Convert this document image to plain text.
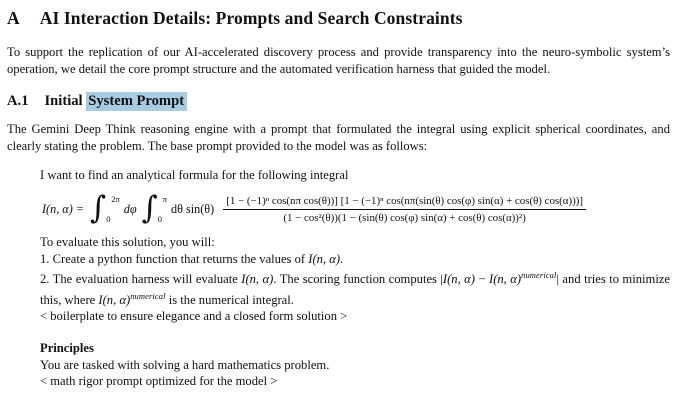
A AI Interaction Details: Prompts and Search Constraints

To support the replication of our AI-accelerated discovery process and provide transparency into the neuro-symbolic system’s operation, we detail the core prompt structure and the automated verification harness that guided the model.

A.1 Initial System Prompt

The Gemini Deep Think reasoning engine with a prompt that formulated the integral using explicit spherical coordinates, and clearly stating the problem. The base prompt provided to the model was as follows:

I want to find an analytical formula for the following integral

I(n, α) = ∫ 2π
0
dφ ∫ π
0
dθ sin(θ)
[1 − (−1)ⁿ cos(nπ cos(θ))] [1 − (−1)ⁿ cos(nπ(sin(θ) cos(φ) sin(α) + cos(θ) cos(α)))]
(1 − cos²(θ))(1 − (sin(θ) cos(φ) sin(α) + cos(θ) cos(α))²)

To evaluate this solution, you will:

1. Create a python function that returns the values of I(n, α).

2. The evaluation harness will evaluate I(n, α). The scoring function computes |I(n, α) − I(n, α)$^{numerical}$| and tries to minimize this, where I(n, α)$^{numerical}$ is the numerical integral.

< boilerplate to ensure elegance and a closed form solution >

Principles

You are tasked with solving a hard mathematics problem.

< math rigor prompt optimized for the model >
